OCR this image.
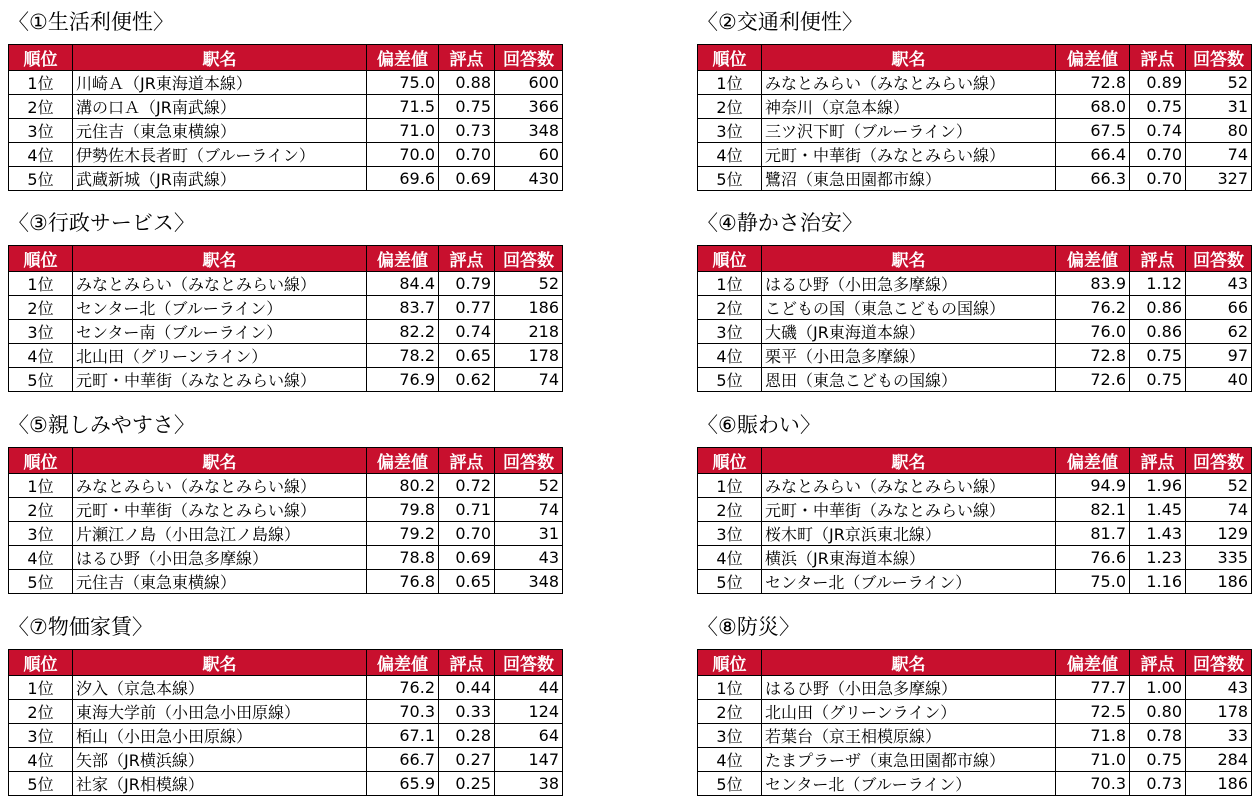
〈①生活利便性〉
順位	駅名	偏差値	評点	回答数
1位	川崎Ａ（JR東海道本線）	75.0	0.88	600
2位	溝の口Ａ（JR南武線）	71.5	0.75	366
3位	元住吉（東急東横線）	71.0	0.73	348
4位	伊勢佐木長者町（ブルーライン）	70.0	0.70	60
5位	武蔵新城（JR南武線）	69.6	0.69	430
〈②交通利便性〉
順位	駅名	偏差値	評点	回答数
1位	みなとみらい（みなとみらい線）	72.8	0.89	52
2位	神奈川（京急本線）	68.0	0.75	31
3位	三ツ沢下町（ブルーライン）	67.5	0.74	80
4位	元町・中華街（みなとみらい線）	66.4	0.70	74
5位	鷺沼（東急田園都市線）	66.3	0.70	327
〈③行政サービス〉
順位	駅名	偏差値	評点	回答数
1位	みなとみらい（みなとみらい線）	84.4	0.79	52
2位	センター北（ブルーライン）	83.7	0.77	186
3位	センター南（ブルーライン）	82.2	0.74	218
4位	北山田（グリーンライン）	78.2	0.65	178
5位	元町・中華街（みなとみらい線）	76.9	0.62	74
〈④静かさ治安〉
順位	駅名	偏差値	評点	回答数
1位	はるひ野（小田急多摩線）	83.9	1.12	43
2位	こどもの国（東急こどもの国線）	76.2	0.86	66
3位	大磯（JR東海道本線）	76.0	0.86	62
4位	栗平（小田急多摩線）	72.8	0.75	97
5位	恩田（東急こどもの国線）	72.6	0.75	40
〈⑤親しみやすさ〉
順位	駅名	偏差値	評点	回答数
1位	みなとみらい（みなとみらい線）	80.2	0.72	52
2位	元町・中華街（みなとみらい線）	79.8	0.71	74
3位	片瀬江ノ島（小田急江ノ島線）	79.2	0.70	31
4位	はるひ野（小田急多摩線）	78.8	0.69	43
5位	元住吉（東急東横線）	76.8	0.65	348
〈⑥賑わい〉
順位	駅名	偏差値	評点	回答数
1位	みなとみらい（みなとみらい線）	94.9	1.96	52
2位	元町・中華街（みなとみらい線）	82.1	1.45	74
3位	桜木町（JR京浜東北線）	81.7	1.43	129
4位	横浜（JR東海道本線）	76.6	1.23	335
5位	センター北（ブルーライン）	75.0	1.16	186
〈⑦物価家賃〉
順位	駅名	偏差値	評点	回答数
1位	汐入（京急本線）	76.2	0.44	44
2位	東海大学前（小田急小田原線）	70.3	0.33	124
3位	栢山（小田急小田原線）	67.1	0.28	64
4位	矢部（JR横浜線）	66.7	0.27	147
5位	社家（JR相模線）	65.9	0.25	38
〈⑧防災〉
順位	駅名	偏差値	評点	回答数
1位	はるひ野（小田急多摩線）	77.7	1.00	43
2位	北山田（グリーンライン）	72.5	0.80	178
3位	若葉台（京王相模原線）	71.8	0.78	33
4位	たまプラーザ（東急田園都市線）	71.0	0.75	284
5位	センター北（ブルーライン）	70.3	0.73	186
